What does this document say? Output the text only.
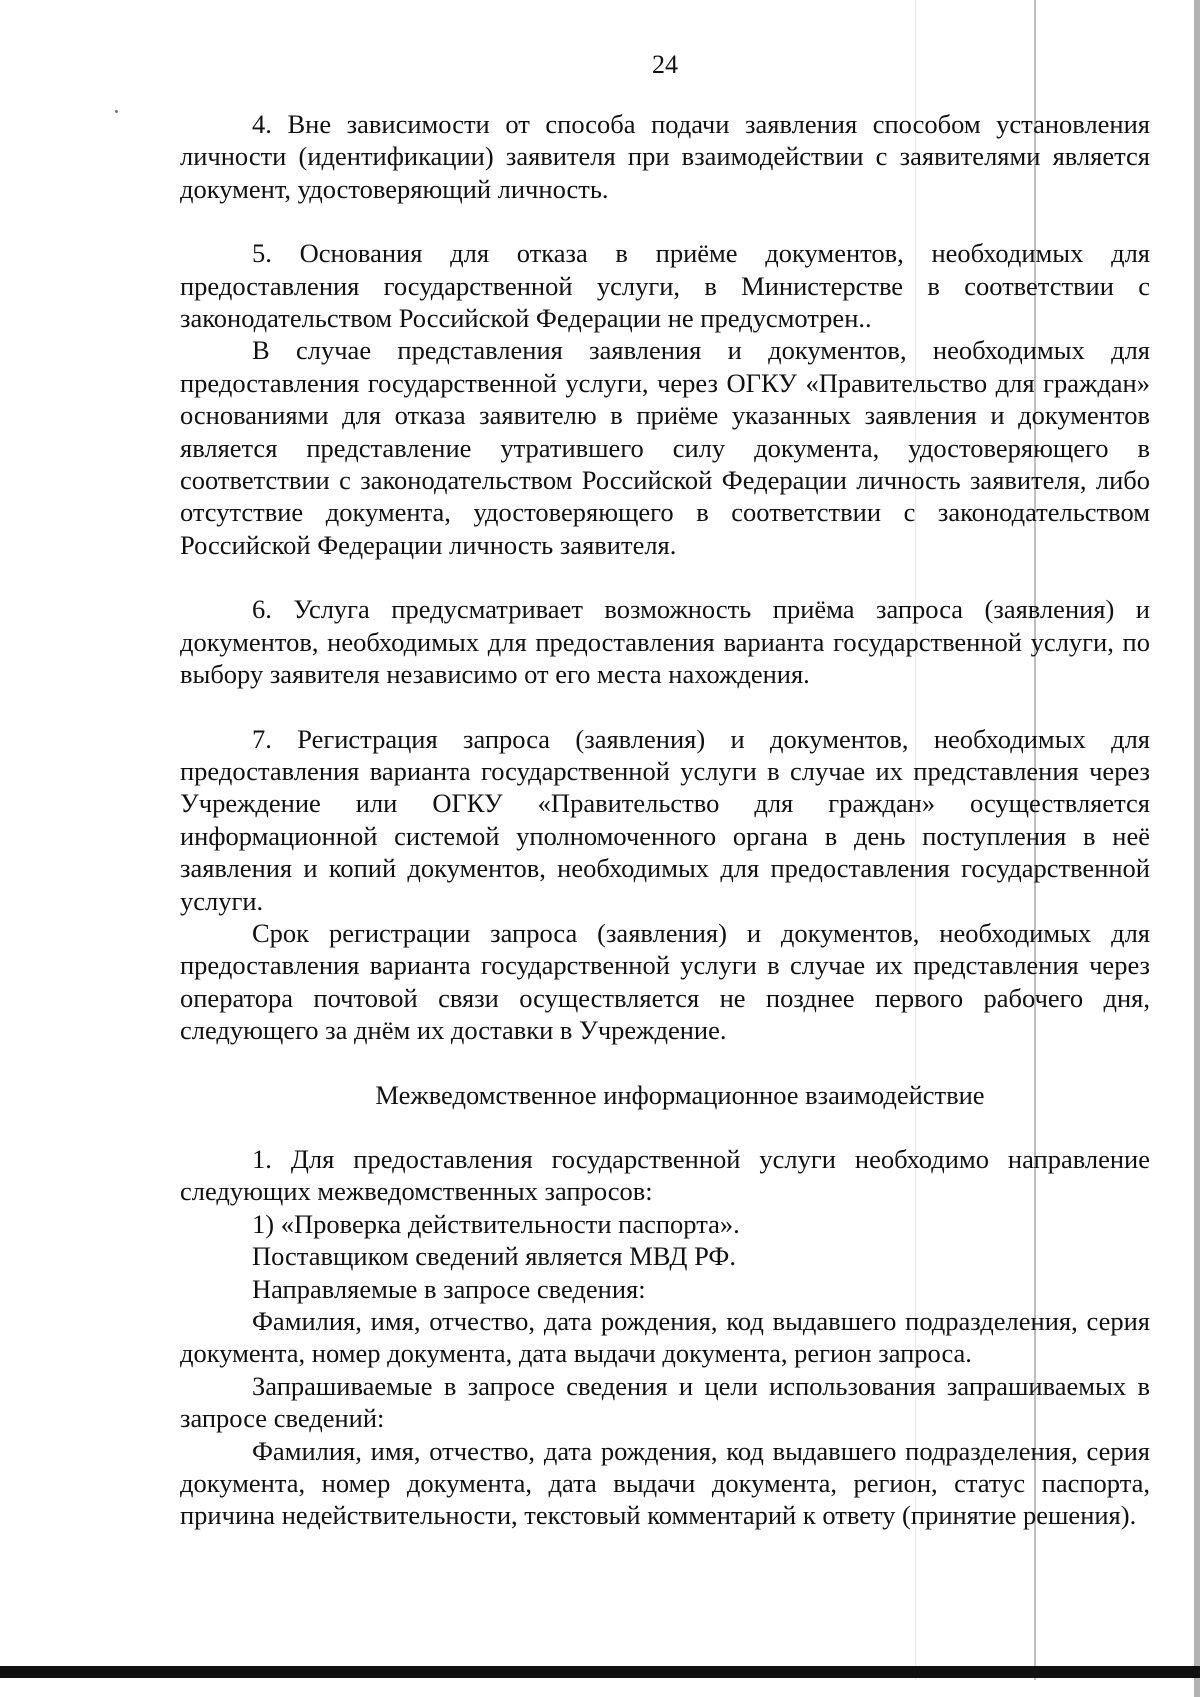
24

4. Вне зависимости от способа подачи заявления способом установления личности (идентификации) заявителя при взаимодействии с заявителями является документ, удостоверяющий личность.

5. Основания для отказа в приёме документов, необходимых для предоставления государственной услуги, в Министерстве в соответствии с законодательством Российской Федерации не предусмотрен..

В случае представления заявления и документов, необходимых для предоставления государственной услуги, через ОГКУ «Правительство для граждан» основаниями для отказа заявителю в приёме указанных заявления и документов является представление утратившего силу документа, удостоверяющего в соответствии с законодательством Российской Федерации личность заявителя, либо отсутствие документа, удостоверяющего в соответствии с законодательством Российской Федерации личность заявителя.

6. Услуга предусматривает возможность приёма запроса (заявления) и документов, необходимых для предоставления варианта государственной услуги, по выбору заявителя независимо от его места нахождения.

7. Регистрация запроса (заявления) и документов, необходимых для предоставления варианта государственной услуги в случае их представления через Учреждение или ОГКУ «Правительство для граждан» осуществляется информационной системой уполномоченного органа в день поступления в неё заявления и копий документов, необходимых для предоставления государственной услуги.

Срок регистрации запроса (заявления) и документов, необходимых для предоставления варианта государственной услуги в случае их представления через оператора почтовой связи осуществляется не позднее первого рабочего дня, следующего за днём их доставки в Учреждение.

Межведомственное информационное взаимодействие

1. Для предоставления государственной услуги необходимо направление следующих межведомственных запросов:

1) «Проверка действительности паспорта».

Поставщиком сведений является МВД РФ.

Направляемые в запросе сведения:

Фамилия, имя, отчество, дата рождения, код выдавшего подразделения, серия документа, номер документа, дата выдачи документа, регион запроса.

Запрашиваемые в запросе сведения и цели использования запрашиваемых в запросе сведений:

Фамилия, имя, отчество, дата рождения, код выдавшего подразделения, серия документа, номер документа, дата выдачи документа, регион, статус паспорта, причина недействительности, текстовый комментарий к ответу (принятие решения).
